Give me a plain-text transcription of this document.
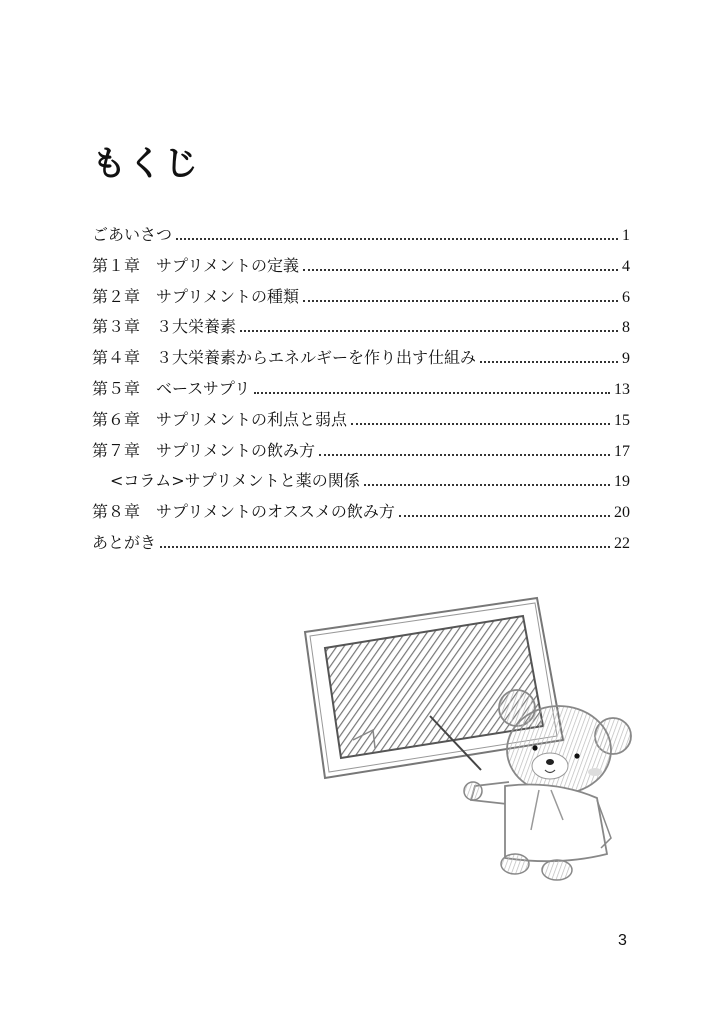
もくじ
ごあいさつ	1
第１章　サプリメントの定義	4
第２章　サプリメントの種類	6
第３章　３大栄養素	8
第４章　３大栄養素からエネルギーを作り出す仕組み	9
第５章　ベースサプリ	13
第６章　サプリメントの利点と弱点	15
第７章　サプリメントの飲み方	17
<コラム>サプリメントと薬の関係	19
第８章　サプリメントのオススメの飲み方	20
あとがき	22
3
